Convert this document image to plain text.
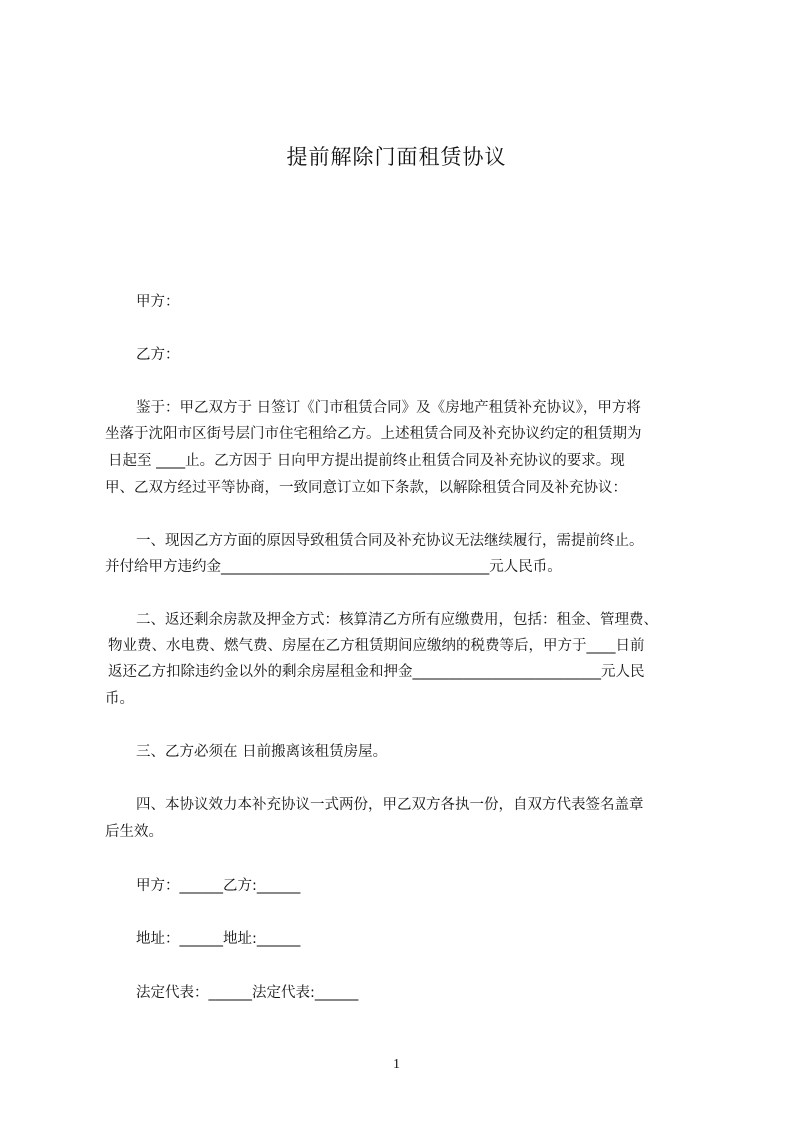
提前解除门面租赁协议
甲方：
乙方：
鉴于：甲乙双方于 日签订《门市租赁合同》及《房地产租赁补充协议》，甲方将
坐落于沈阳市区街号层门市住宅租给乙方。上述租赁合同及补充协议约定的租赁期为
日起至 ____止。乙方因于 日向甲方提出提前终止租赁合同及补充协议的要求。现
甲、乙双方经过平等协商，一致同意订立如下条款，以解除租赁合同及补充协议：
一、现因乙方方面的原因导致租赁合同及补充协议无法继续履行，需提前终止。
并付给甲方违约金_____________________________________元人民币。
二、返还剩余房款及押金方式：核算清乙方所有应缴费用，包括：租金、管理费、
物业费、水电费、燃气费、房屋在乙方租赁期间应缴纳的税费等后，甲方于____日前
返还乙方扣除违约金以外的剩余房屋租金和押金__________________________元人民
币。
三、乙方必须在 日前搬离该租赁房屋。
四、本协议效力本补充协议一式两份，甲乙双方各执一份，自双方代表签名盖章
后生效。
甲方：______乙方:______
地址：______地址:______
法定代表：______法定代表:______
1
